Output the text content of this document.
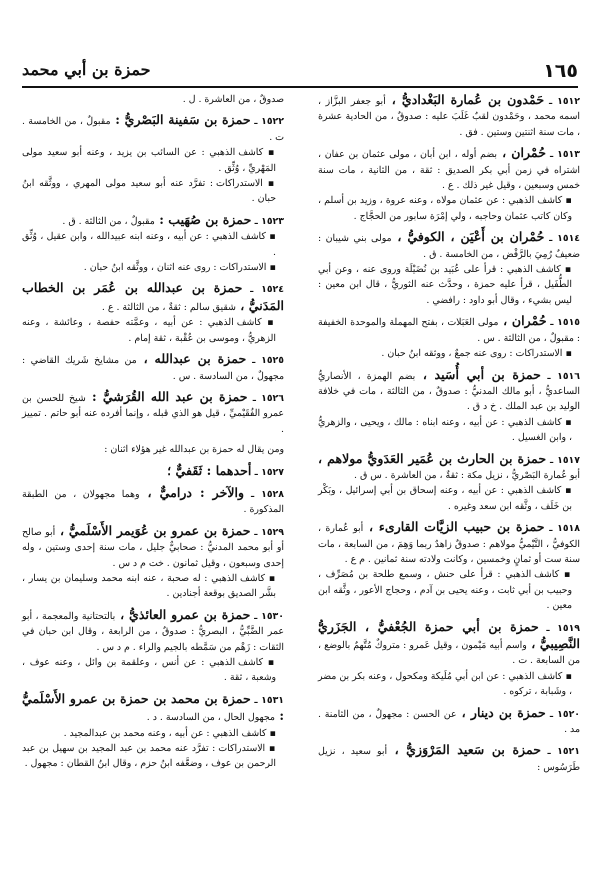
١٦٥
حمزة بن أبي محمد

١٥١٢ ـ حَمْدون بن عُمارة البَغْداديُّ ، أبو جعفر البزَّاز ، اسمه محمد ، وحَمْدون لقبٌ غَلَبَ عليه : صدوقٌ ، من الحادية عشرة ، مات سنة اثنتين وستين . فق .

١٥١٣ ـ حُمْران ، بضم أوله ، ابن أبان ، مولى عثمان بن عفان ، اشتراه في زمن أبي بكر الصديق : ثقة ، من الثانية ، مات سنة خمس وسبعين ، وقيل غير ذلك . ع .

▪ كاشف الذهبي : عن عثمان مولاه ، وعنه عروة ، وزيد بن أسلم ، وكان كاتب عثمان وحاجبه ، ولي إمْرَة سابور من الحجَّاج .

١٥١٤ ـ حُمْران بن أَعْيَن ، الكوفيُّ ، مولى بني شيبان : ضعيفٌ رُمِيَ بالرَّفْض ، من الخامسة . ق .

▪ كاشف الذهبي : قرأ على عُبَيد بن نُضَيْلَة وروى عنه ، وعن أبي الطُّفَيل ، قرأ عليه حمزة ، وحدَّث عنه الثوريُّ ، قال ابن معين : ليس بشيء ، وقال أبو داود : رافضي .

١٥١٥ ـ حُمْران ، مولى العَبَلات ، بفتح المهملة والموحدة الخفيفة : مقبولٌ ، من الثالثة . س .

▪ الاستدراكات : روى عنه جمعٌ ، ووثقه ابنُ حبان .

١٥١٦ ـ حمزة بن أبي أُسَيد ، بضم الهمزة ، الأنصاريُّ الساعديُّ ، أبو مالك المدنيُّ : صدوقٌ ، من الثالثة ، مات في خلافة الوليد بن عبد الملك . خ د ق .

▪ كاشف الذهبي : عن أبيه ، وعنه ابناه : مالك ، ويحيى ، والزهريُّ ، وابن الغسيل .

١٥١٧ ـ حمزة بن الحارث بن عُمَير العَدَويُّ مولاهم ، أبو عُمارة البَصْريُّ ، نزيل مكة : ثقةٌ ، من العاشرة . س ق .

▪ كاشف الذهبي : عن أبيه ، وعنه إسحاق بن أبي إسرائيل ، وبَكْر بن خَلَف ، وثَّقه ابن سعد وغيره .

١٥١٨ ـ حمزة بن حبيب الزيَّات القارىء ، أبو عُمارة ، الكوفيُّ ، التَّيْميُّ مولاهم : صدوقٌ زاهدٌ ربما وَهِمَ ، من السابعة ، مات سنة ست أو ثمانٍ وخمسين ، وكانت ولادته سنة ثمانين . م ع .

▪ كاشف الذهبي : قرأ على حنش ، وسمع طلحة بن مُصَرِّف ، وحبيب بن أبي ثابت ، وعنه يحيى بن آدم ، وحجاج الأعور ، وثَّقه ابن معين .

١٥١٩ ـ حمزة بن أبي حمزة الجُعْفيُّ ، الجَزَريُّ النَّصِيبيُّ ، واسم أبيه مَيْمون ، وقيل عَمرو : متروكٌ مُتَّهمٌ بالوضع ، من السابعة . ت .

▪ كاشف الذهبي : عن ابن أبي مُلَيكة ومكحول ، وعنه بكر بن مضر ، وشَبابة ، تركوه .

١٥٢٠ ـ حمزة بن دينار ، عن الحسن : مجهولٌ ، من الثامنة . مد .

١٥٢١ ـ حمزة بن سَعيد المَرْوَزيُّ ، أبو سعيد ، نزيل طَرَسُوس :

صدوقٌ ، من العاشرة . ل .

١٥٢٢ ـ حمزة بن سَفينة البَصْريُّ : مقبولٌ ، من الخامسة . ت .

▪ كاشف الذهبي : عن السائب بن يزيد ، وعنه أبو سعيد مولى المَهْريِّ ، وُثِّق .

▪ الاستدراكات : تفرَّد عنه أبو سعيد مولى المهري ، ووثَّقه ابنُ حبان .

١٥٢٣ ـ حمزة بن صُهَيب : مقبولٌ ، من الثالثة . ق .

▪ كاشف الذهبي : عن أبيه ، وعنه ابنه عبيدالله ، وابن عقيل ، وُثِّق .

▪ الاستدراكات : روى عنه اثنان ، ووثَّقه ابنُ حبان .

١٥٢٤ ـ حمزة بن عبدالله بن عُمَر بن الخطاب المَدَنيُّ ، شقيق سالم : ثقةٌ ، من الثالثة . ع .

▪ كاشف الذهبي : عن أبيه ، وعمَّته حفصة ، وعائشة ، وعنه الزهريُّ ، وموسى بن عُقْبة ، ثقة إمام .

١٥٢٥ ـ حمزة بن عبدالله ، من مشايخ شَريك القاضي : مجهولٌ ، من السادسة . س .

١٥٢٦ ـ حمزة بن عبد الله القُرَشيُّ : شيخ للحسن بن عمرو الفُقَيْميِّ ، قيل هو الذي قبله ، وإنما أفرده عنه أبو حاتم . تمييز .

ومن يقال له حمزة بن عبدالله غير هؤلاء اثنان :

١٥٢٧ ـ أحدهما : ثَقَفيٌّ ؛

١٥٢٨ ـ والآخر : دراميٌّ ، وهما مجهولان ، من الطبقة المذكورة .

١٥٢٩ ـ حمزة بن عمرو بن عُوَيمر الأَسْلَميُّ ، أبو صالح أو أبو محمد المدنيُّ : صحابيٌّ جليل ، مات سنة إحدى وستين ، وله إحدى وسبعون ، وقيل ثمانون . خت م د س .

▪ كاشف الذهبي : له صحبة ، عنه ابنه محمد وسليمان بن يسار ، بشَّر الصديق بوقعة أجنادين .

١٥٣٠ ـ حمزة بن عمرو العائذيُّ ، بالتحتانية والمعجمة ، أبو عمر الضَّبِّيُّ ، البصريُّ : صدوقٌ ، من الرابعة ، وقال ابن حبان في الثقات : زَهْم من سَمَّطه بالجيم والراء . م د س .

▪ كاشف الذهبي : عن أنس ، وعلقمة بن وائل ، وعنه عوف ، وشعبة ، ثقة .

١٥٣١ ـ حمزة بن محمد بن حمزة بن عمرو الأَسْلَميُّ : مجهول الحال ، من السادسة . د .

▪ كاشف الذهبي : عن أبيه ، وعنه محمد بن عبدالمجيد .

▪ الاستدراكات : تفرَّد عنه محمد بن عبد المجيد بن سهيل بن عبد الرحمن بن عوف ، وضعَّفه ابنُ حزم ، وقال ابنُ القطان : مجهول .
